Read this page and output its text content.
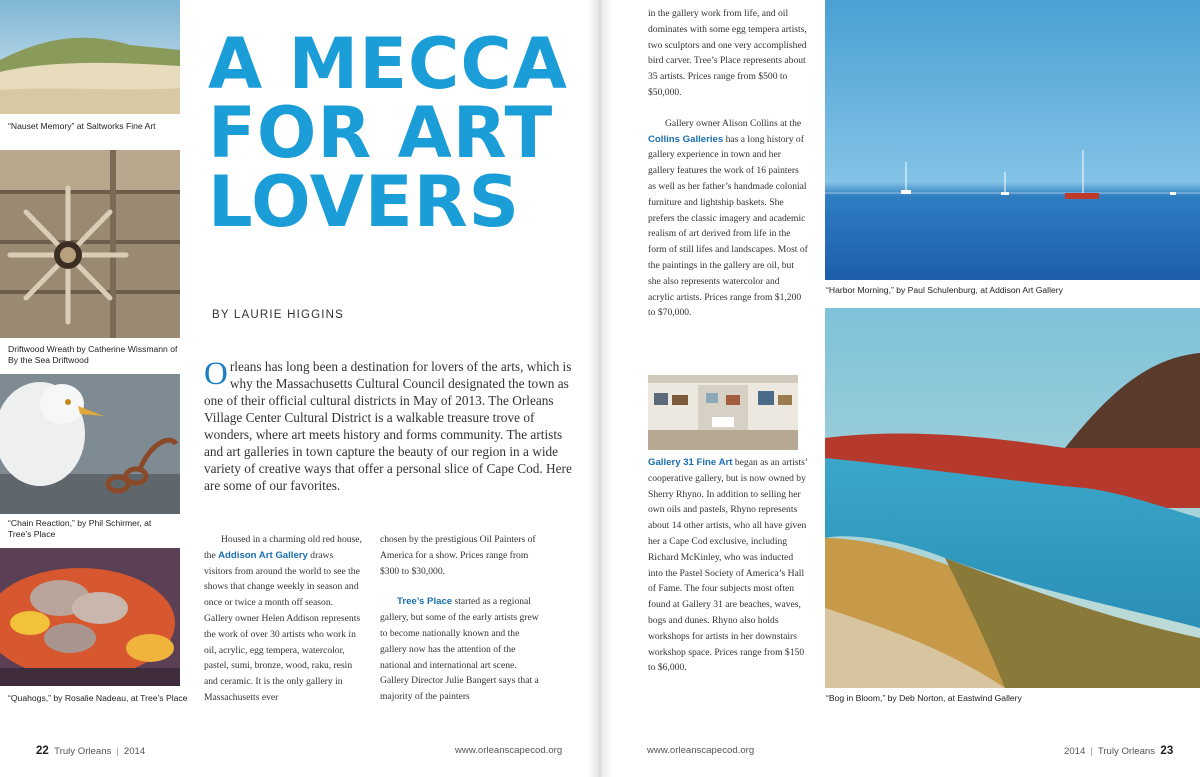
“Nauset Memory” at Saltworks Fine Art
Driftwood Wreath by Catherine Wissmann of By the Sea Driftwood
“Chain Reaction,” by Phil Schirmer, at Tree’s Place
“Quahogs,” by Rosalie Nadeau, at Tree’s Place
A MECCA
FOR ART
LOVERS
BY LAURIE HIGGINS

Orleans has long been a destination for lovers of the arts, which is why the Massachusetts Cultural Council designated the town as one of their official cultural districts in May of 2013. The Orleans Village Center Cultural District is a walkable treasure trove of wonders, where art meets history and forms community. The artists and art galleries in town capture the beauty of our region in a wide variety of creative ways that offer a personal slice of Cape Cod. Here are some of our favorites.

Housed in a charming old red house, the Addison Art Gallery draws visitors from around the world to see the shows that change weekly in season and once or twice a month off season. Gallery owner Helen Addison represents the work of over 30 artists who work in oil, acrylic, egg tempera, watercolor, pastel, sumi, bronze, wood, raku, resin and ceramic. It is the only gallery in Massachusetts ever

chosen by the prestigious Oil Painters of America for a show. Prices range from $300 to $30,000.

Tree’s Place started as a regional gallery, but some of the early artists grew to become nationally known and the gallery now has the attention of the national and international art scene. Gallery Director Julie Bangert says that a majority of the painters

22 Truly Orleans | 2014	www.orleanscapecod.org

in the gallery work from life, and oil dominates with some egg tempera artists, two sculptors and one very accomplished bird carver. Tree’s Place represents about 35 artists. Prices range from $500 to $50,000.

Gallery owner Alison Collins at the Collins Galleries has a long history of gallery experience in town and her gallery features the work of 16 painters as well as her father’s handmade colonial furniture and lightship baskets. She prefers the classic imagery and academic realism of art derived from life in the form of still lifes and landscapes. Most of the paintings in the gallery are oil, but she also represents watercolor and acrylic artists. Prices range from $1,200 to $70,000.

Gallery 31 Fine Art began as an artists’ cooperative gallery, but is now owned by Sherry Rhyno. In addition to selling her own oils and pastels, Rhyno represents about 14 other artists, who all have given her a Cape Cod exclusive, including Richard McKinley, who was inducted into the Pastel Society of America’s Hall of Fame. The four subjects most often found at Gallery 31 are beaches, waves, bogs and dunes. Rhyno also holds workshops for artists in her downstairs workshop space. Prices range from $150 to $6,000.

“Harbor Morning,” by Paul Schulenburg, at Addison Art Gallery
“Bog in Bloom,” by Deb Norton, at Eastwind Gallery
www.orleanscapecod.org	2014 | Truly Orleans 23
